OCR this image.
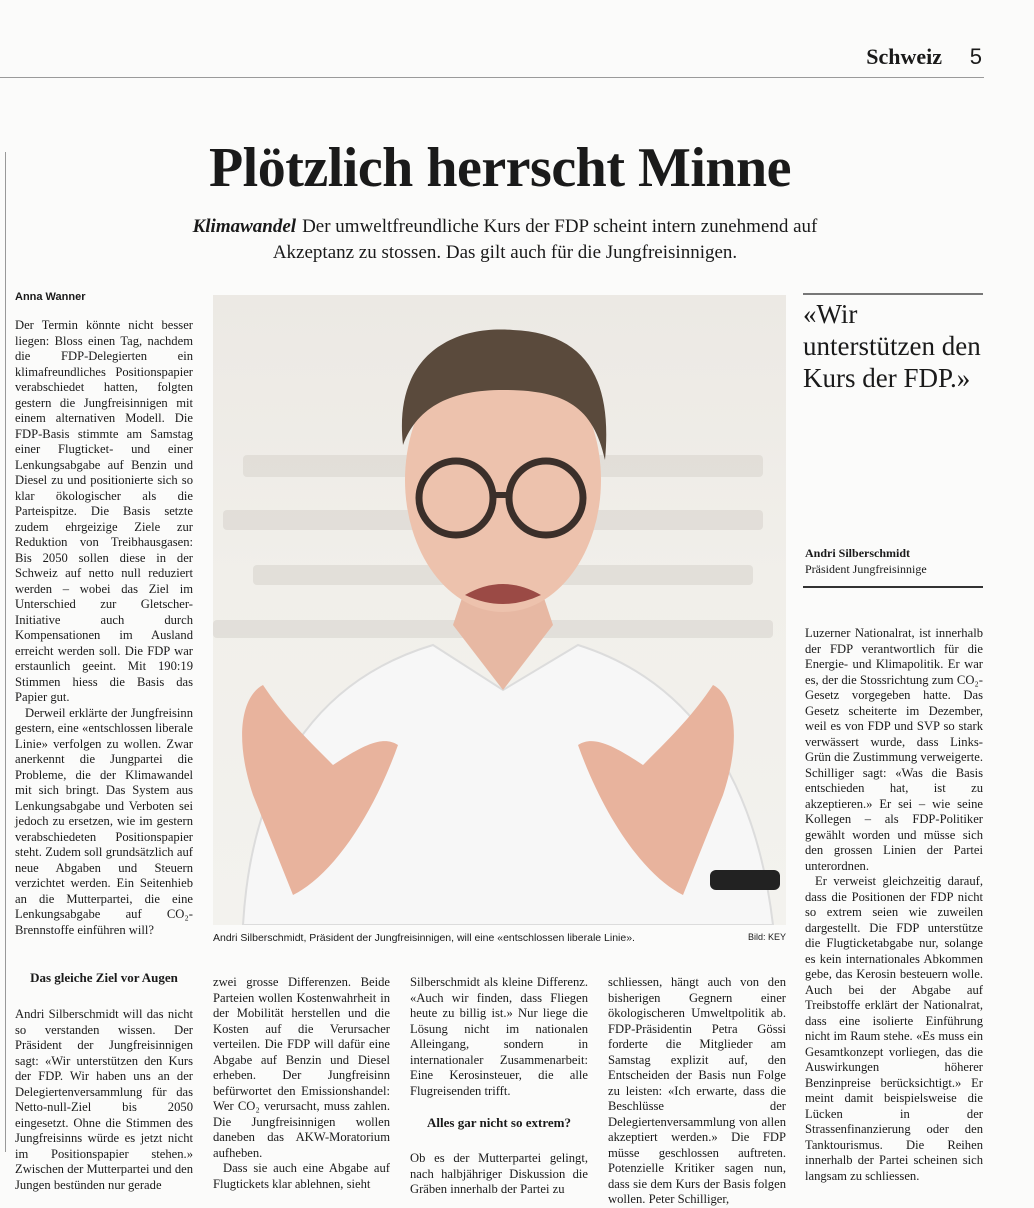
Schweiz 5
Plötzlich herrscht Minne
Klimawandel Der umweltfreundliche Kurs der FDP scheint intern zunehmend auf Akzeptanz zu stossen. Das gilt auch für die Jungfreisinnigen.
Anna Wanner

Der Termin könnte nicht besser liegen: Bloss einen Tag, nachdem die FDP-Delegierten ein klimafreundliches Positionspapier verabschiedet hatten, folgten gestern die Jungfreisinnigen mit einem alternativen Modell. Die FDP-Basis stimmte am Samstag einer Flugticket- und einer Lenkungsabgabe auf Benzin und Diesel zu und positionierte sich so klar ökologischer als die Parteispitze. Die Basis setzte zudem ehrgeizige Ziele zur Reduktion von Treibhausgasen: Bis 2050 sollen diese in der Schweiz auf netto null reduziert werden – wobei das Ziel im Unterschied zur Gletscher-Initiative auch durch Kompensationen im Ausland erreicht werden soll. Die FDP war erstaunlich geeint. Mit 190:19 Stimmen hiess die Basis das Papier gut.

Derweil erklärte der Jungfreisinn gestern, eine «entschlossen liberale Linie» verfolgen zu wollen. Zwar anerkennt die Jungpartei die Probleme, die der Klimawandel mit sich bringt. Das System aus Lenkungsabgabe und Verboten sei jedoch zu ersetzen, wie im gestern verabschiedeten Positionspapier steht. Zudem soll grundsätzlich auf neue Abgaben und Steuern verzichtet werden. Ein Seitenhieb an die Mutterpartei, die eine Lenkungsabgabe auf CO₂-Brennstoffe einführen will?

Das gleiche Ziel vor Augen

Andri Silberschmidt will das nicht so verstanden wissen. Der Präsident der Jungfreisinnigen sagt: «Wir unterstützen den Kurs der FDP. Wir haben uns an der Delegiertenversammlung für das Netto-null-Ziel bis 2050 eingesetzt. Ohne die Stimmen des Jungfreisinns würde es jetzt nicht im Positionspapier stehen.» Zwischen der Mutterpartei und den Jungen bestünden nur gerade

Andri Silberschmidt, Präsident der Jungfreisinnigen, will eine «entschlossen liberale Linie».	Bild: KEY
«Wir unterstützen den Kurs der FDP.»
Andri Silberschmidt
Präsident Jungfreisinnige

Luzerner Nationalrat, ist innerhalb der FDP verantwortlich für die Energie- und Klimapolitik. Er war es, der die Stossrichtung zum CO₂-Gesetz vorgegeben hatte. Das Gesetz scheiterte im Dezember, weil es von FDP und SVP so stark verwässert wurde, dass Links-Grün die Zustimmung verweigerte. Schilliger sagt: «Was die Basis entschieden hat, ist zu akzeptieren.» Er sei – wie seine Kollegen – als FDP-Politiker gewählt worden und müsse sich den grossen Linien der Partei unterordnen.

Er verweist gleichzeitig darauf, dass die Positionen der FDP nicht so extrem seien wie zuweilen dargestellt. Die FDP unterstütze die Flugticketabgabe nur, solange es kein internationales Abkommen gebe, das Kerosin besteuern wolle. Auch bei der Abgabe auf Treibstoffe erklärt der Nationalrat, dass eine isolierte Einführung nicht im Raum stehe. «Es muss ein Gesamtkonzept vorliegen, das die Auswirkungen höherer Benzinpreise berücksichtigt.» Er meint damit beispielsweise die Lücken in der Strassenfinanzierung oder den Tanktourismus. Die Reihen innerhalb der Partei scheinen sich langsam zu schliessen.

zwei grosse Differenzen. Beide Parteien wollen Kostenwahrheit in der Mobilität herstellen und die Kosten auf die Verursacher verteilen. Die FDP will dafür eine Abgabe auf Benzin und Diesel erheben. Der Jungfreisinn befürwortet den Emissionshandel: Wer CO₂ verursacht, muss zahlen. Die Jungfreisinnigen wollen daneben das AKW-Moratorium aufheben.

Dass sie auch eine Abgabe auf Flugtickets klar ablehnen, sieht

Silberschmidt als kleine Differenz. «Auch wir finden, dass Fliegen heute zu billig ist.» Nur liege die Lösung nicht im nationalen Alleingang, sondern in internationaler Zusammenarbeit: Eine Kerosinsteuer, die alle Flugreisenden trifft.

Alles gar nicht so extrem?

Ob es der Mutterpartei gelingt, nach halbjähriger Diskussion die Gräben innerhalb der Partei zu

schliessen, hängt auch von den bisherigen Gegnern einer ökologischeren Umweltpolitik ab. FDP-Präsidentin Petra Gössi forderte die Mitglieder am Samstag explizit auf, den Entscheiden der Basis nun Folge zu leisten: «Ich erwarte, dass die Beschlüsse der Delegiertenversammlung von allen akzeptiert werden.» Die FDP müsse geschlossen auftreten. Potenzielle Kritiker sagen nun, dass sie dem Kurs der Basis folgen wollen. Peter Schilliger,
